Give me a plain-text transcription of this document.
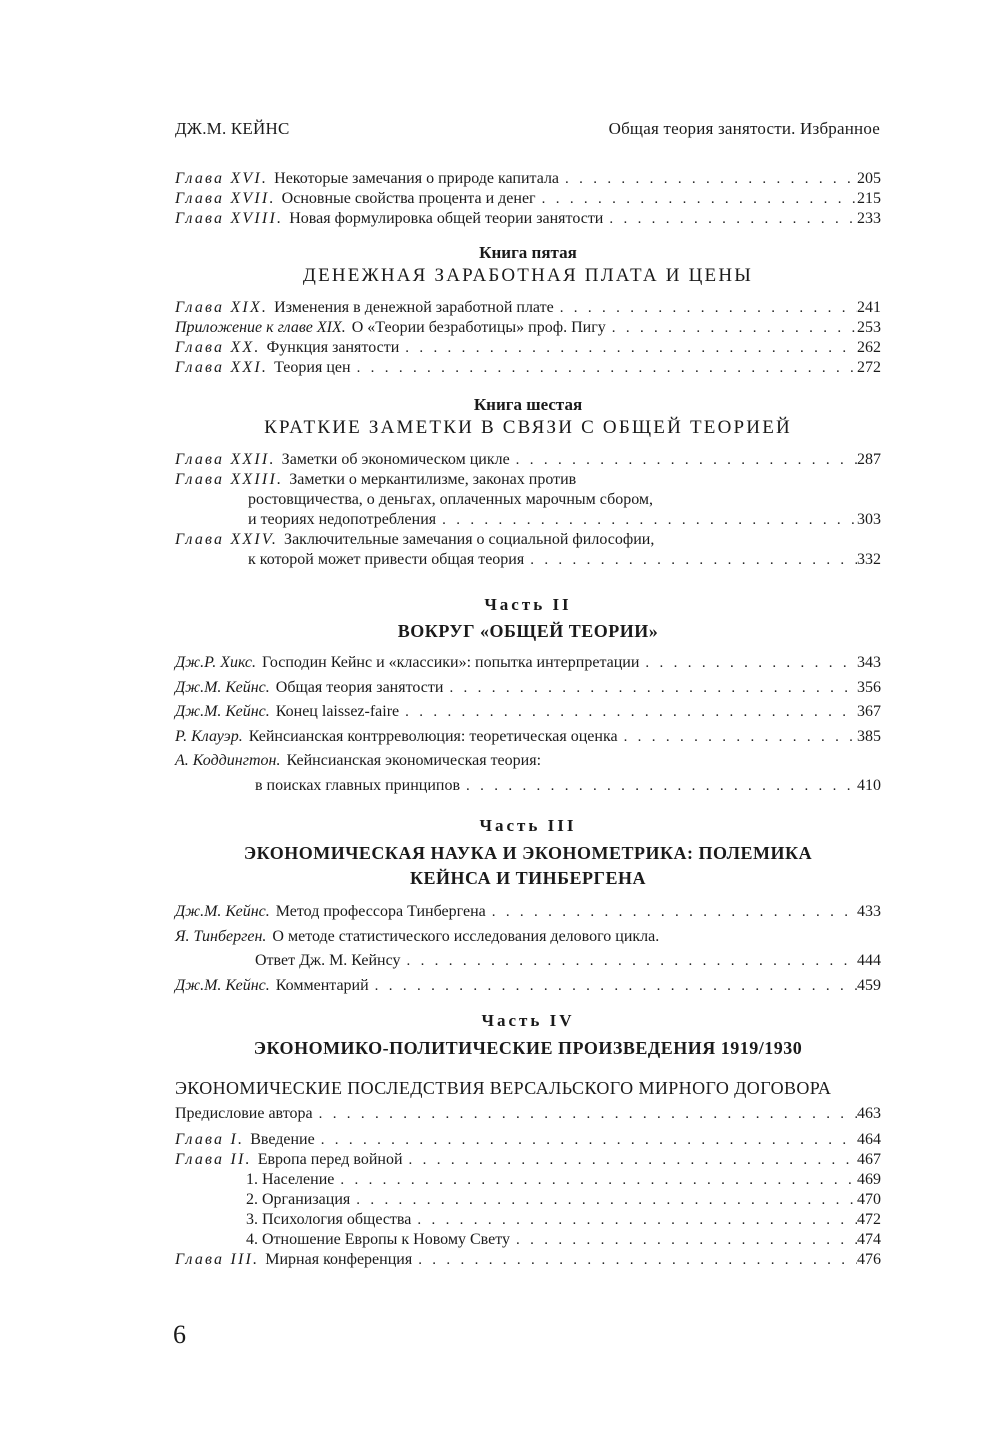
ДЖ.М. КЕЙНС	Общая теория занятости. Избранное
Глава XVI. Некоторые замечания о природе капитала . . .	205
Глава XVII. Основные свойства процента и денег . . .	215
Глава XVIII. Новая формулировка общей теории занятости . . .	233
Книга пятая
ДЕНЕЖНАЯ ЗАРАБОТНАЯ ПЛАТА И ЦЕНЫ
Глава XIX. Изменения в денежной заработной плате . . .	241
Приложение к главе XIX. О «Теории безработицы» проф. Пигу . . .	253
Глава XX. Функция занятости . . .	262
Глава XXI. Теория цен . . .	272
Книга шестая
КРАТКИЕ ЗАМЕТКИ В СВЯЗИ С ОБЩЕЙ ТЕОРИЕЙ
Глава XXII. Заметки об экономическом цикле . . .	287
Глава XXIII. Заметки о меркантилизме, законах против
ростовщичества, о деньгах, оплаченных марочным сбором,
и теориях недопотребления . . .	303
Глава XXIV. Заключительные замечания о социальной философии,
к которой может привести общая теория . . .	332
Часть II
ВОКРУГ «ОБЩЕЙ ТЕОРИИ»
Дж.Р. Хикс. Господин Кейнс и «классики»: попытка интерпретации . . .	343
Дж.М. Кейнс. Общая теория занятости . . .	356
Дж.М. Кейнс. Конец laissez-faire . . .	367
Р. Клауэр. Кейнсианская контрреволюция: теоретическая оценка . . .	385
А. Коддингтон. Кейнсианская экономическая теория:
в поисках главных принципов . . .	410
Часть III
ЭКОНОМИЧЕСКАЯ НАУКА И ЭКОНОМЕТРИКА: ПОЛЕМИКА
КЕЙНСА И ТИНБЕРГЕНА
Дж.М. Кейнс. Метод профессора Тинбергена . . .	433
Я. Тинберген. О методе статистического исследования делового цикла.
Ответ Дж. М. Кейнсу . . .	444
Дж.М. Кейнс. Комментарий . . .	459
Часть IV
ЭКОНОМИКО-ПОЛИТИЧЕСКИЕ ПРОИЗВЕДЕНИЯ 1919/1930
ЭКОНОМИЧЕСКИЕ ПОСЛЕДСТВИЯ ВЕРСАЛЬСКОГО МИРНОГО ДОГОВОРА
Предисловие автора . . .	463
Глава I. Введение . . .	464
Глава II. Европа перед войной . . .	467
1. Население . . .	469
2. Организация . . .	470
3. Психология общества . . .	472
4. Отношение Европы к Новому Свету . . .	474
Глава III. Мирная конференция . . .	476
6
